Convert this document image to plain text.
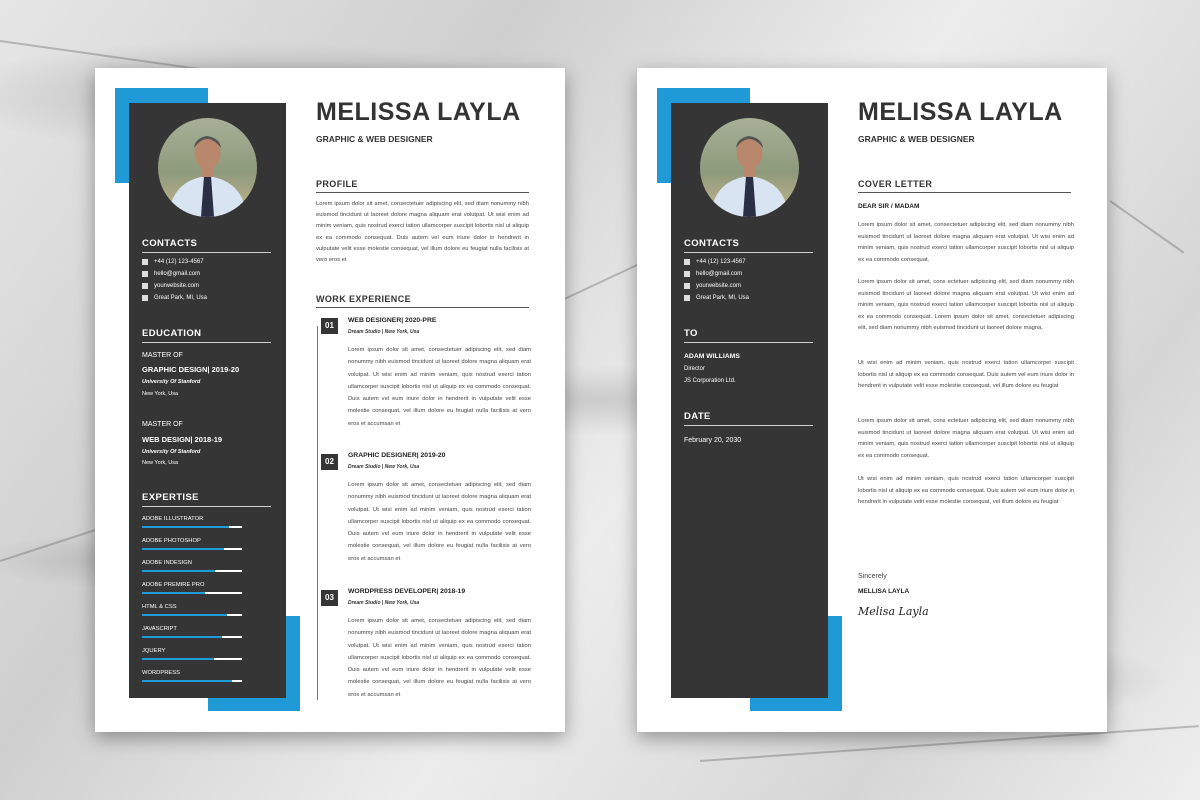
CONTACTS
+44 (12) 123-4567
hello@gmail.com
yourwebsite.com
Great Park, MI, Usa
EDUCATION
MASTER OF
GRAPHIC DESIGN| 2019-20
University Of Stanford
New York, Usa
MASTER OF
WEB DESIGN| 2018-19
University Of Stanford
New York, Usa
EXPERTISE
ADOBE ILLUSTRATOR
ADOBE PHOTOSHOP
ADOBE INDESIGN
ADOBE PREMIRE PRO
HTML & CSS
JAVASCRIPT
JQUERY
WORDPRESS
MELISSA LAYLA
GRAPHIC & WEB DESIGNER
PROFILE
Lorem ipsum dolor sit amet, consectetuer adipiscing elit, sed diam nonummy nibh euismod tincidunt ut laoreet dolore magna aliquam erat volutpat. Ut wisi enim ad minim veniam, quis nostrud exerci tation ullamcorper suscipit lobortis nisl ut aliquip ex ea commodo consequat. Duis autem vel eum iriure dolor in hendrerit in vulputate velit esse molestie consequat, vel illum dolore eu feugiat nulla facilisis at vero eros et
WORK EXPERIENCE
01
WEB DESIGNER| 2020-PRE
Dream Studio | New York, Usa
Lorem ipsum dolor sit amet, consectetuer adipiscing elit, sed diam nonummy nibh euismod tincidunt ut laoreet dolore magna aliquam erat volutpat. Ut wisi enim ad minim veniam, quis nostrud exerci tation ullamcorper suscipit lobortis nisl ut aliquip ex ea commodo consequat. Duis autem vel eum iriure dolor in hendrerit in vulputate velit esse molestie consequat, vel illum dolore eu feugiat nulla facilisis at vero eros et accumsan et
02
GRAPHIC DESIGNER| 2019-20
Dream Studio | New York, Usa
Lorem ipsum dolor sit amet, consectetuer adipiscing elit, sed diam nonummy nibh euismod tincidunt ut laoreet dolore magna aliquam erat volutpat. Ut wisi enim ad minim veniam, quis nostrud exerci tation ullamcorper suscipit lobortis nisl ut aliquip ex ea commodo consequat. Duis autem vel eum iriure dolor in hendrerit in vulputate velit esse molestie consequat, vel illum dolore eu feugiat nulla facilisis at vero eros et accumsan et
03
WORDPRESS DEVELOPER| 2018-19
Dream Studio | New York, Usa
Lorem ipsum dolor sit amet, consectetuer adipiscing elit, sed diam nonummy nibh euismod tincidunt ut laoreet dolore magna aliquam erat volutpat. Ut wisi enim ad minim veniam, quis nostrud exerci tation ullamcorper suscipit lobortis nisl ut aliquip ex ea commodo consequat. Duis autem vel eum iriure dolor in hendrerit in vulputate velit esse molestie consequat, vel illum dolore eu feugiat nulla facilisis at vero eros et accumsan et
CONTACTS
+44 (12) 123-4567
hello@gmail.com
yourwebsite.com
Great Park, MI, Usa
TO
ADAM WILLIAMS
Director
JS Corporation Ltd.
DATE
February 20, 2030
MELISSA LAYLA
GRAPHIC & WEB DESIGNER
COVER LETTER
DEAR SIR / MADAM
Lorem ipsum dolor sit amet, consectetuer adipiscing elit, sed diam nonummy nibh euismod tincidunt ut laoreet dolore magna aliquam erat volutpat. Ut wisi enim ad minim veniam, quis nostrud exerci tation ullamcorper suscipit lobortis nisl ut aliquip ex ea commodo consequat.
Lorem ipsum dolor sit amet, cons ectetuer adipiscing elit, sed diam nonummy nibh euismod tincidunt ut laoreet dolore magna aliquam erat volutpat. Ut wisi enim ad minim veniam, quis nostrud exerci tation ullamcorper suscipit lobortis nisl ut aliquip ex ea commodo consequat. Lorem ipsum dolor sit amet, consectetuer adipiscing elit, sed diam nonummy nibh euismod tincidunt ut laoreet dolore magna.
Ut wisi enim ad minim veniam, quis nostrud exerci tation ullamcorper suscipit lobortis nisl ut aliquip ex ea commodo consequat. Duis autem vel eum iriure dolor in hendrerit in vulputate velit esse molestie consequat, vel illum dolore eu feugiat
Lorem ipsum dolor sit amet, cons ectetuer adipiscing elit, sed diam nonummy nibh euismod tincidunt ut laoreet dolore magna aliquam erat volutpat. Ut wisi enim ad minim veniam, quis nostrud exerci tation ullamcorper suscipit lobortis nisl ut aliquip ex ea commodo consequat.
Ut wisi enim ad minim veniam, quis nostrud exerci tation ullamcorper suscipit lobortis nisl ut aliquip ex ea commodo consequat. Duis autem vel eum iriure dolor in hendrerit in vulputate velit esse molestie consequat, vel illum dolore eu feugiat
Sincerely
MELLISA LAYLA
Melisa Layla
